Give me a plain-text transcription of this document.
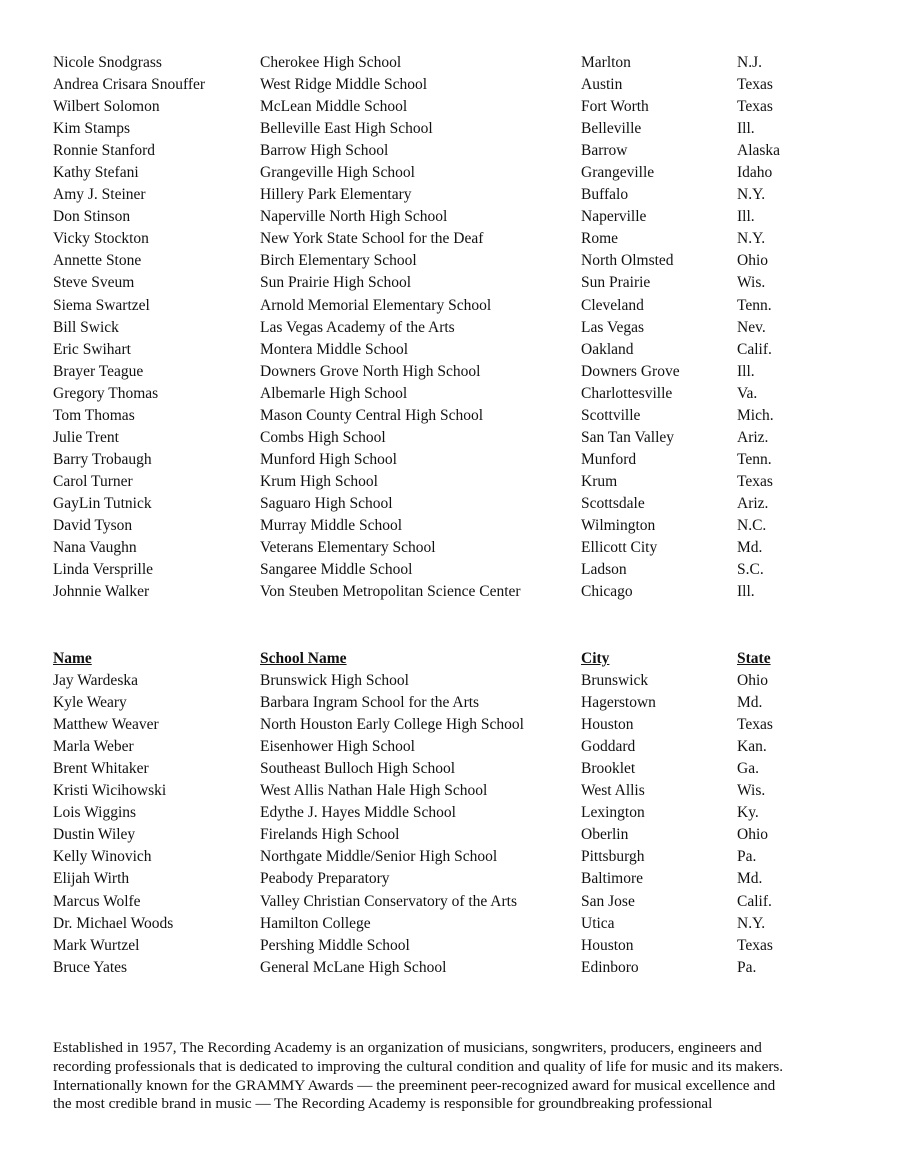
Nicole Snodgrass	Cherokee High School	Marlton	N.J.
Andrea Crisara Snouffer	West Ridge Middle School	Austin	Texas
Wilbert Solomon	McLean Middle School	Fort Worth	Texas
Kim Stamps	Belleville East High School	Belleville	Ill.
Ronnie Stanford	Barrow High School	Barrow	Alaska
Kathy Stefani	Grangeville High School	Grangeville	Idaho
Amy J. Steiner	Hillery Park Elementary	Buffalo	N.Y.
Don Stinson	Naperville North High School	Naperville	Ill.
Vicky Stockton	New York State School for the Deaf	Rome	N.Y.
Annette Stone	Birch Elementary School	North Olmsted	Ohio
Steve Sveum	Sun Prairie High School	Sun Prairie	Wis.
Siema Swartzel	Arnold Memorial Elementary School	Cleveland	Tenn.
Bill Swick	Las Vegas Academy of the Arts	Las Vegas	Nev.
Eric Swihart	Montera Middle School	Oakland	Calif.
Brayer Teague	Downers Grove North High School	Downers Grove	Ill.
Gregory Thomas	Albemarle High School	Charlottesville	Va.
Tom Thomas	Mason County Central High School	Scottville	Mich.
Julie Trent	Combs High School	San Tan Valley	Ariz.
Barry Trobaugh	Munford High School	Munford	Tenn.
Carol Turner	Krum High School	Krum	Texas
GayLin Tutnick	Saguaro High School	Scottsdale	Ariz.
David Tyson	Murray Middle School	Wilmington	N.C.
Nana Vaughn	Veterans Elementary School	Ellicott City	Md.
Linda Versprille	Sangaree Middle School	Ladson	S.C.
Johnnie Walker	Von Steuben Metropolitan Science Center	Chicago	Ill.
Name	School Name	City	State
Jay Wardeska	Brunswick High School	Brunswick	Ohio
Kyle Weary	Barbara Ingram School for the Arts	Hagerstown	Md.
Matthew Weaver	North Houston Early College High School	Houston	Texas
Marla Weber	Eisenhower High School	Goddard	Kan.
Brent Whitaker	Southeast Bulloch High School	Brooklet	Ga.
Kristi Wicihowski	West Allis Nathan Hale High School	West Allis	Wis.
Lois Wiggins	Edythe J. Hayes Middle School	Lexington	Ky.
Dustin Wiley	Firelands High School	Oberlin	Ohio
Kelly Winovich	Northgate Middle/Senior High School	Pittsburgh	Pa.
Elijah Wirth	Peabody Preparatory	Baltimore	Md.
Marcus Wolfe	Valley Christian Conservatory of the Arts	San Jose	Calif.
Dr. Michael Woods	Hamilton College	Utica	N.Y.
Mark Wurtzel	Pershing Middle School	Houston	Texas
Bruce Yates	General McLane High School	Edinboro	Pa.
Established in 1957, The Recording Academy is an organization of musicians, songwriters, producers, engineers and
recording professionals that is dedicated to improving the cultural condition and quality of life for music and its makers.
Internationally known for the GRAMMY Awards — the preeminent peer-recognized award for musical excellence and
the most credible brand in music — The Recording Academy is responsible for groundbreaking professional
